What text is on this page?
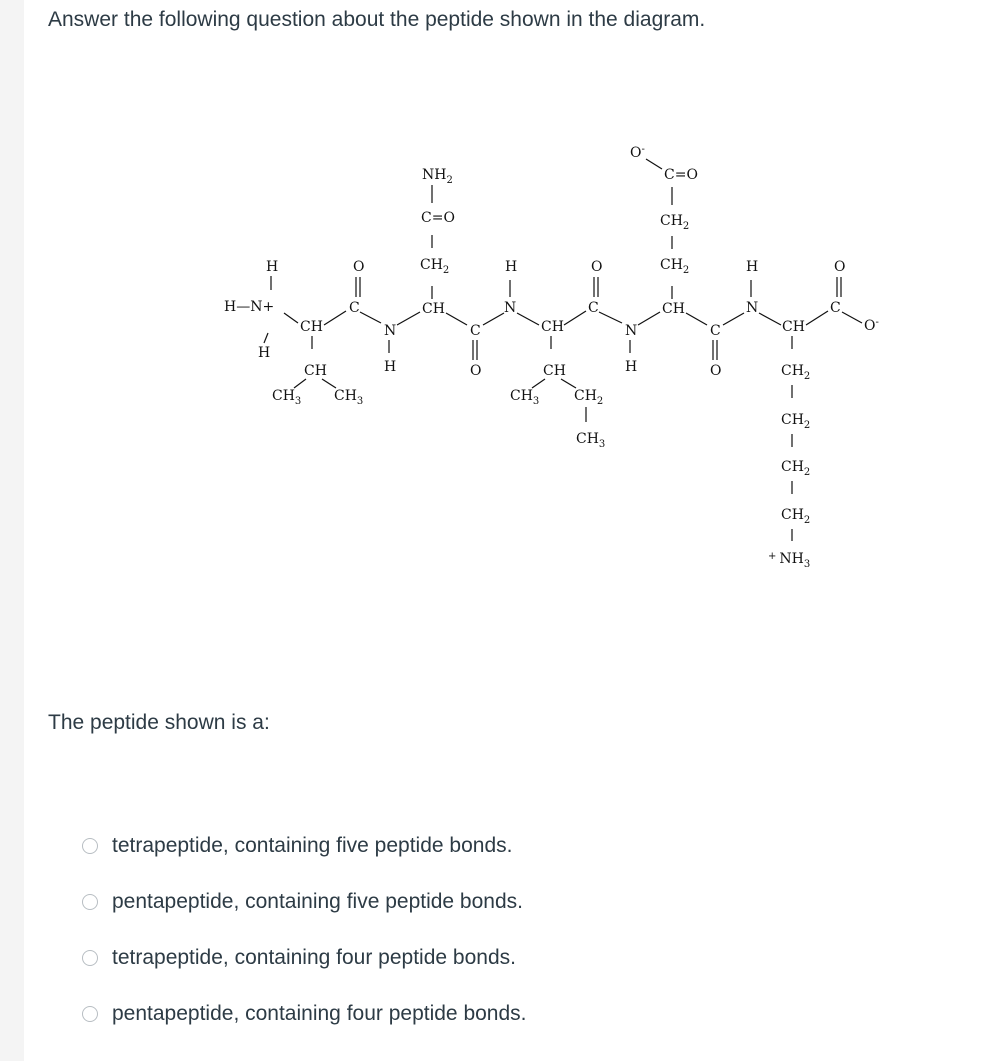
Answer the following question about the peptide shown in the diagram.
H
H—N+
H
CH
CH
$CH_3$ $CH_3$
C
O
N
H
CH
$CH_2$
C=O
$NH_2$
C
O
N
H
CH
CH
$CH_3$ $CH_2$
$CH_3$
C
O
N
H
CH
$CH_2$
$CH_2$
C=O
O-
C
O
N
H
CH
$CH_2$
$CH_2$
$CH_2$
$CH_2$
+ $NH_3$
C
O
O-
The peptide shown is a:
tetrapeptide, containing five peptide bonds.
pentapeptide, containing five peptide bonds.
tetrapeptide, containing four peptide bonds.
pentapeptide, containing four peptide bonds.
